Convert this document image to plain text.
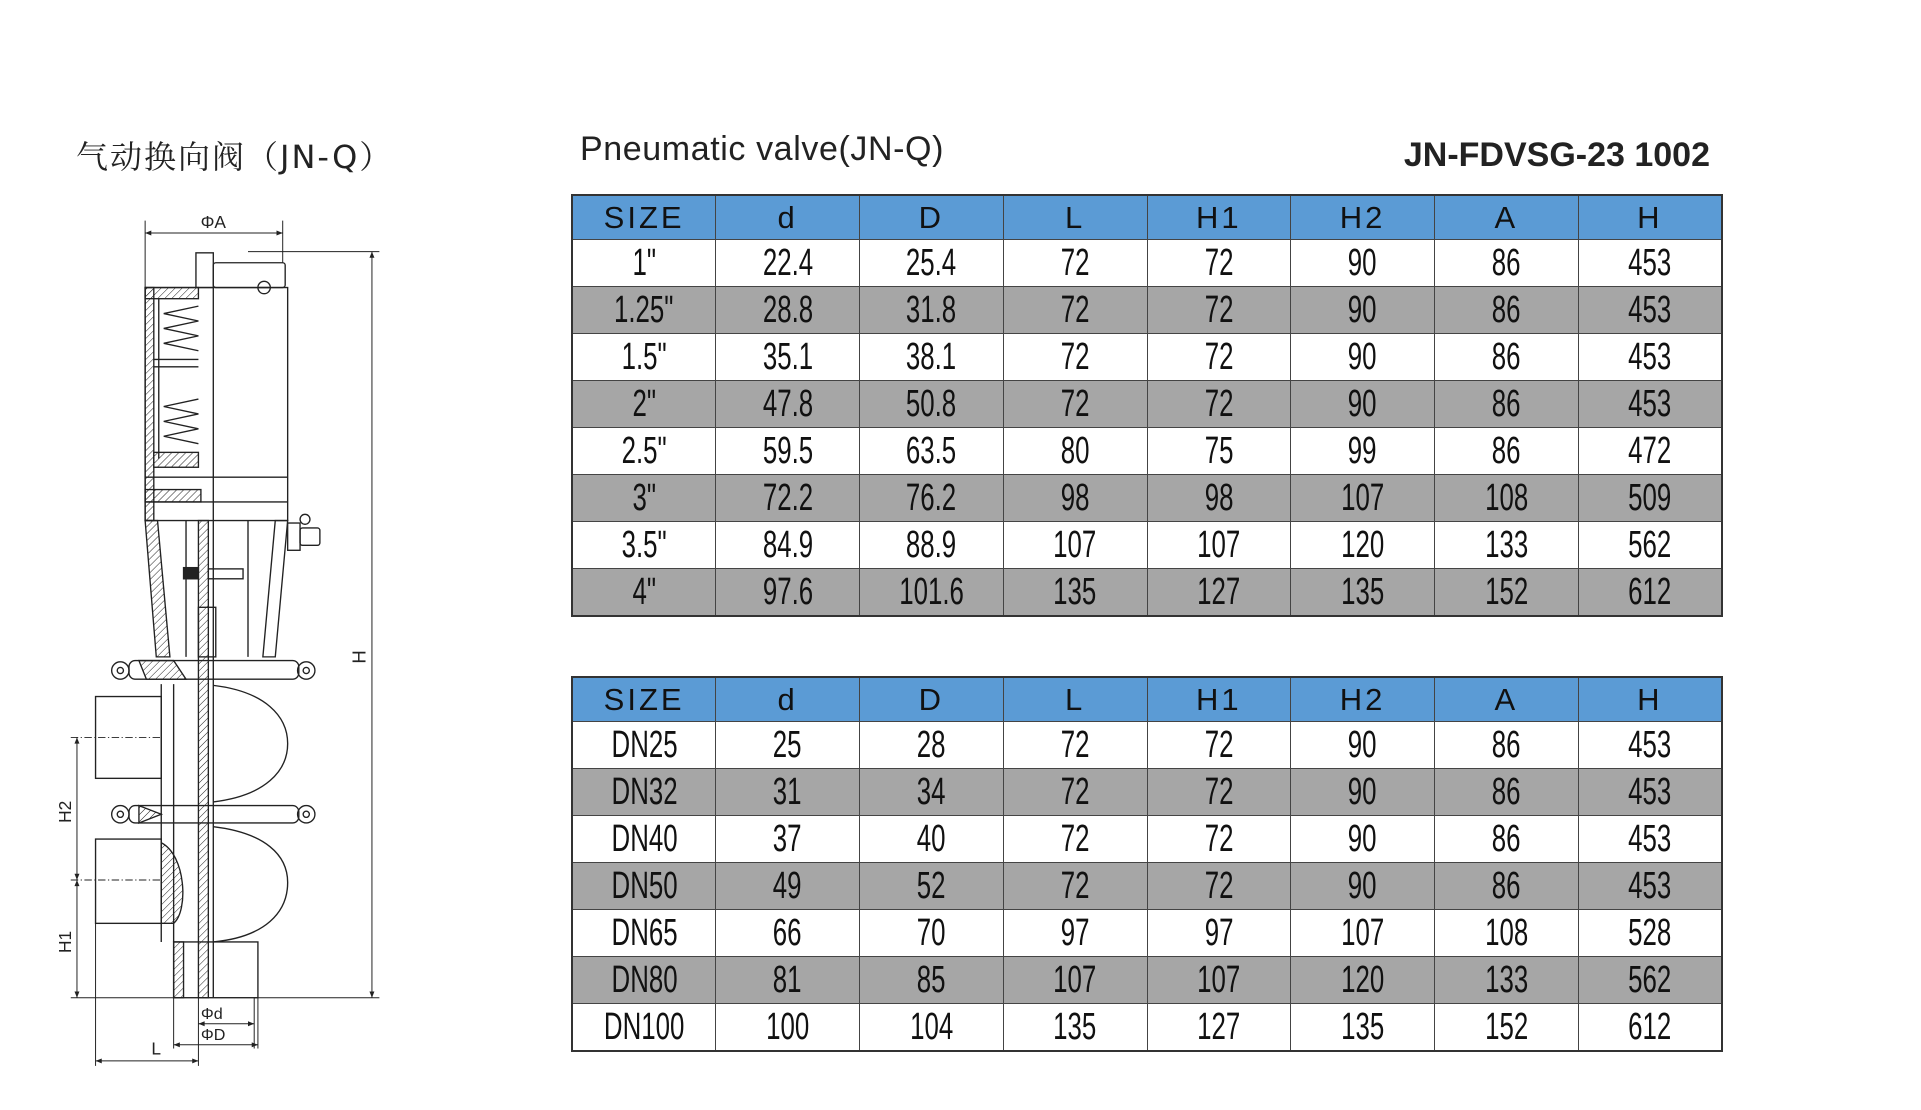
气动换向阀（JN-Q）	Pneumatic valve(JN-Q)	JN-FDVSG-23 1002
ΦA
H
H2
H1
Φd
ΦD
L
SIZE	d	D	L	H1	H2	A	H
1"	22.4	25.4	72	72	90	86	453
1.25"	28.8	31.8	72	72	90	86	453
1.5"	35.1	38.1	72	72	90	86	453
2"	47.8	50.8	72	72	90	86	453
2.5"	59.5	63.5	80	75	99	86	472
3"	72.2	76.2	98	98	107	108	509
3.5"	84.9	88.9	107	107	120	133	562
4"	97.6	101.6	135	127	135	152	612
SIZE	d	D	L	H1	H2	A	H
DN25	25	28	72	72	90	86	453
DN32	31	34	72	72	90	86	453
DN40	37	40	72	72	90	86	453
DN50	49	52	72	72	90	86	453
DN65	66	70	97	97	107	108	528
DN80	81	85	107	107	120	133	562
DN100	100	104	135	127	135	152	612
